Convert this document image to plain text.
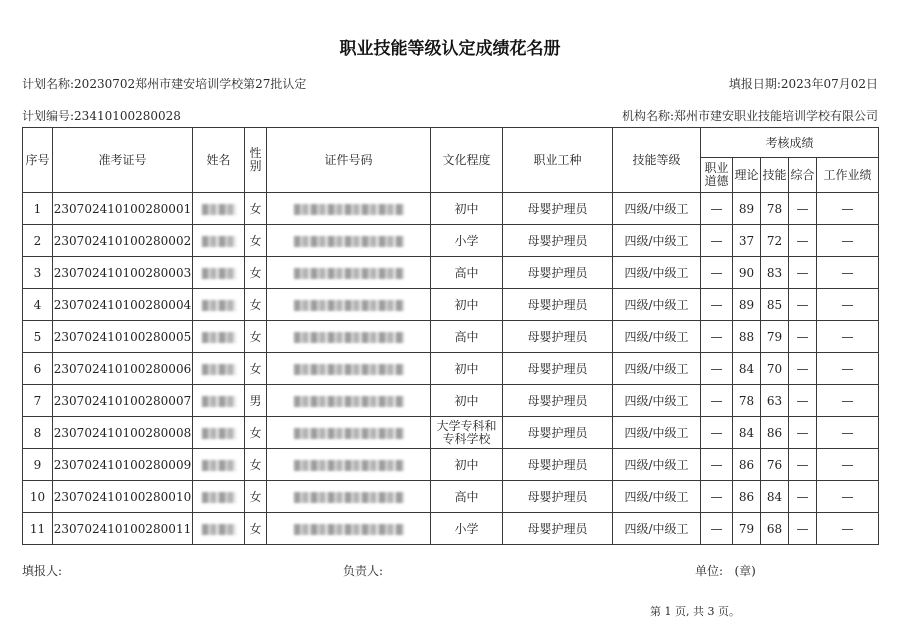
职业技能等级认定成绩花名册
计划名称:20230702郑州市建安培训学校第27批认定	填报日期:2023年07月02日
计划编号:23410100280028	机构名称:郑州市建安职业技能培训学校有限公司
序号	准考证号	姓名	性别	证件号码	文化程度	职业工种	技能等级	考核成绩				
								职业道德	理论	技能	综合	工作业绩
1	230702410100280001		女		初中	母婴护理员	四级/中级工	—	89	78	—	—
2	230702410100280002		女		小学	母婴护理员	四级/中级工	—	37	72	—	—
3	230702410100280003		女		高中	母婴护理员	四级/中级工	—	90	83	—	—
4	230702410100280004		女		初中	母婴护理员	四级/中级工	—	89	85	—	—
5	230702410100280005		女		高中	母婴护理员	四级/中级工	—	88	79	—	—
6	230702410100280006		女		初中	母婴护理员	四级/中级工	—	84	70	—	—
7	230702410100280007		男		初中	母婴护理员	四级/中级工	—	78	63	—	—
8	230702410100280008		女		大学专科和专科学校	母婴护理员	四级/中级工	—	84	86	—	—
9	230702410100280009		女		初中	母婴护理员	四级/中级工	—	86	76	—	—
10	230702410100280010		女		高中	母婴护理员	四级/中级工	—	86	84	—	—
11	230702410100280011		女		小学	母婴护理员	四级/中级工	—	79	68	—	—
填报人:	负责人:	单位: (章)
第 1 页, 共 3 页。
